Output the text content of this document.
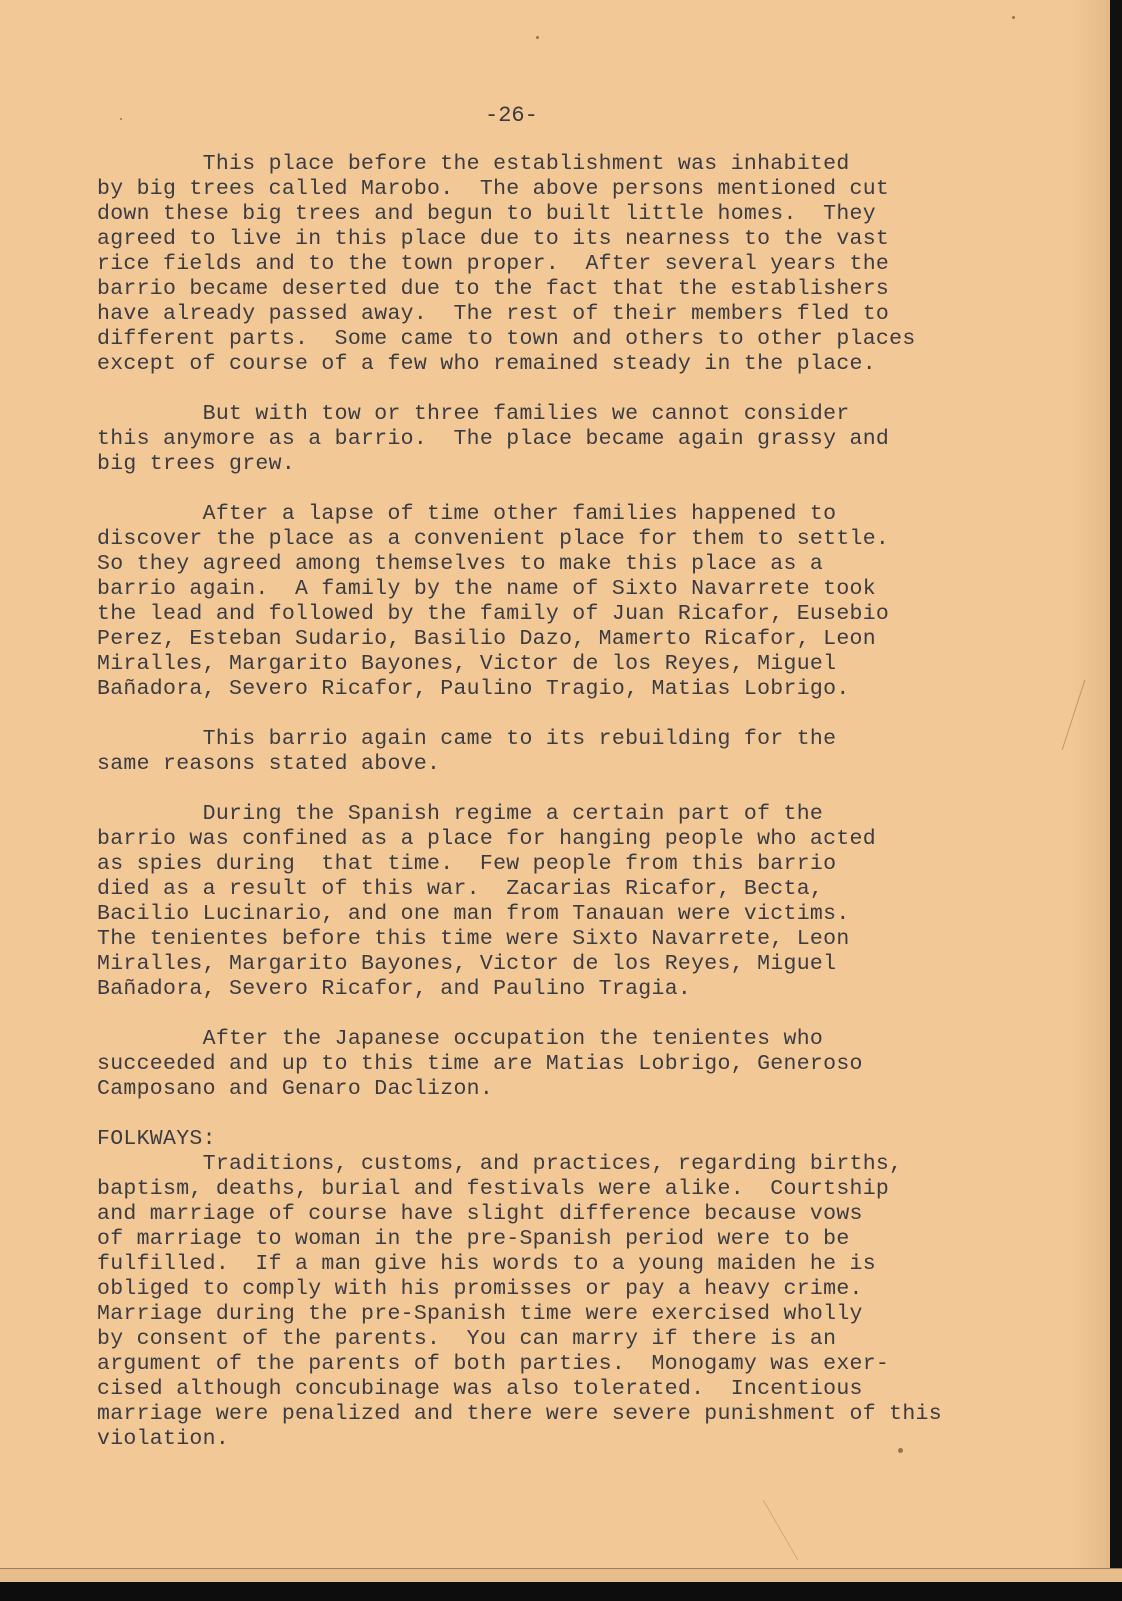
-26-

This place before the establishment was inhabited
by big trees called Marobo.  The above persons mentioned cut
down these big trees and begun to built little homes.  They
agreed to live in this place due to its nearness to the vast
rice fields and to the town proper.  After several years the
barrio became deserted due to the fact that the establishers
have already passed away.  The rest of their members fled to
different parts.  Some came to town and others to other places
except of course of a few who remained steady in the place.
But with tow or three families we cannot consider
this anymore as a barrio.  The place became again grassy and
big trees grew.
After a lapse of time other families happened to
discover the place as a convenient place for them to settle.
So they agreed among themselves to make this place as a
barrio again.  A family by the name of Sixto Navarrete took
the lead and followed by the family of Juan Ricafor, Eusebio
Perez, Esteban Sudario, Basilio Dazo, Mamerto Ricafor, Leon
Miralles, Margarito Bayones, Victor de los Reyes, Miguel
Bañadora, Severo Ricafor, Paulino Tragio, Matias Lobrigo.
This barrio again came to its rebuilding for the
same reasons stated above.
During the Spanish regime a certain part of the
barrio was confined as a place for hanging people who acted
as spies during  that time.  Few people from this barrio
died as a result of this war.  Zacarias Ricafor, Becta,
Bacilio Lucinario, and one man from Tanauan were victims.
The tenientes before this time were Sixto Navarrete, Leon
Miralles, Margarito Bayones, Victor de los Reyes, Miguel
Bañadora, Severo Ricafor, and Paulino Tragia.
After the Japanese occupation the tenientes who
succeeded and up to this time are Matias Lobrigo, Generoso
Camposano and Genaro Daclizon.
FOLKWAYS:
Traditions, customs, and practices, regarding births,
baptism, deaths, burial and festivals were alike.  Courtship
and marriage of course have slight difference because vows
of marriage to woman in the pre-Spanish period were to be
fulfilled.  If a man give his words to a young maiden he is
obliged to comply with his promisses or pay a heavy crime.
Marriage during the pre-Spanish time were exercised wholly
by consent of the parents.  You can marry if there is an
argument of the parents of both parties.  Monogamy was exer-
cised although concubinage was also tolerated.  Incentious
marriage were penalized and there were severe punishment of this
violation.
